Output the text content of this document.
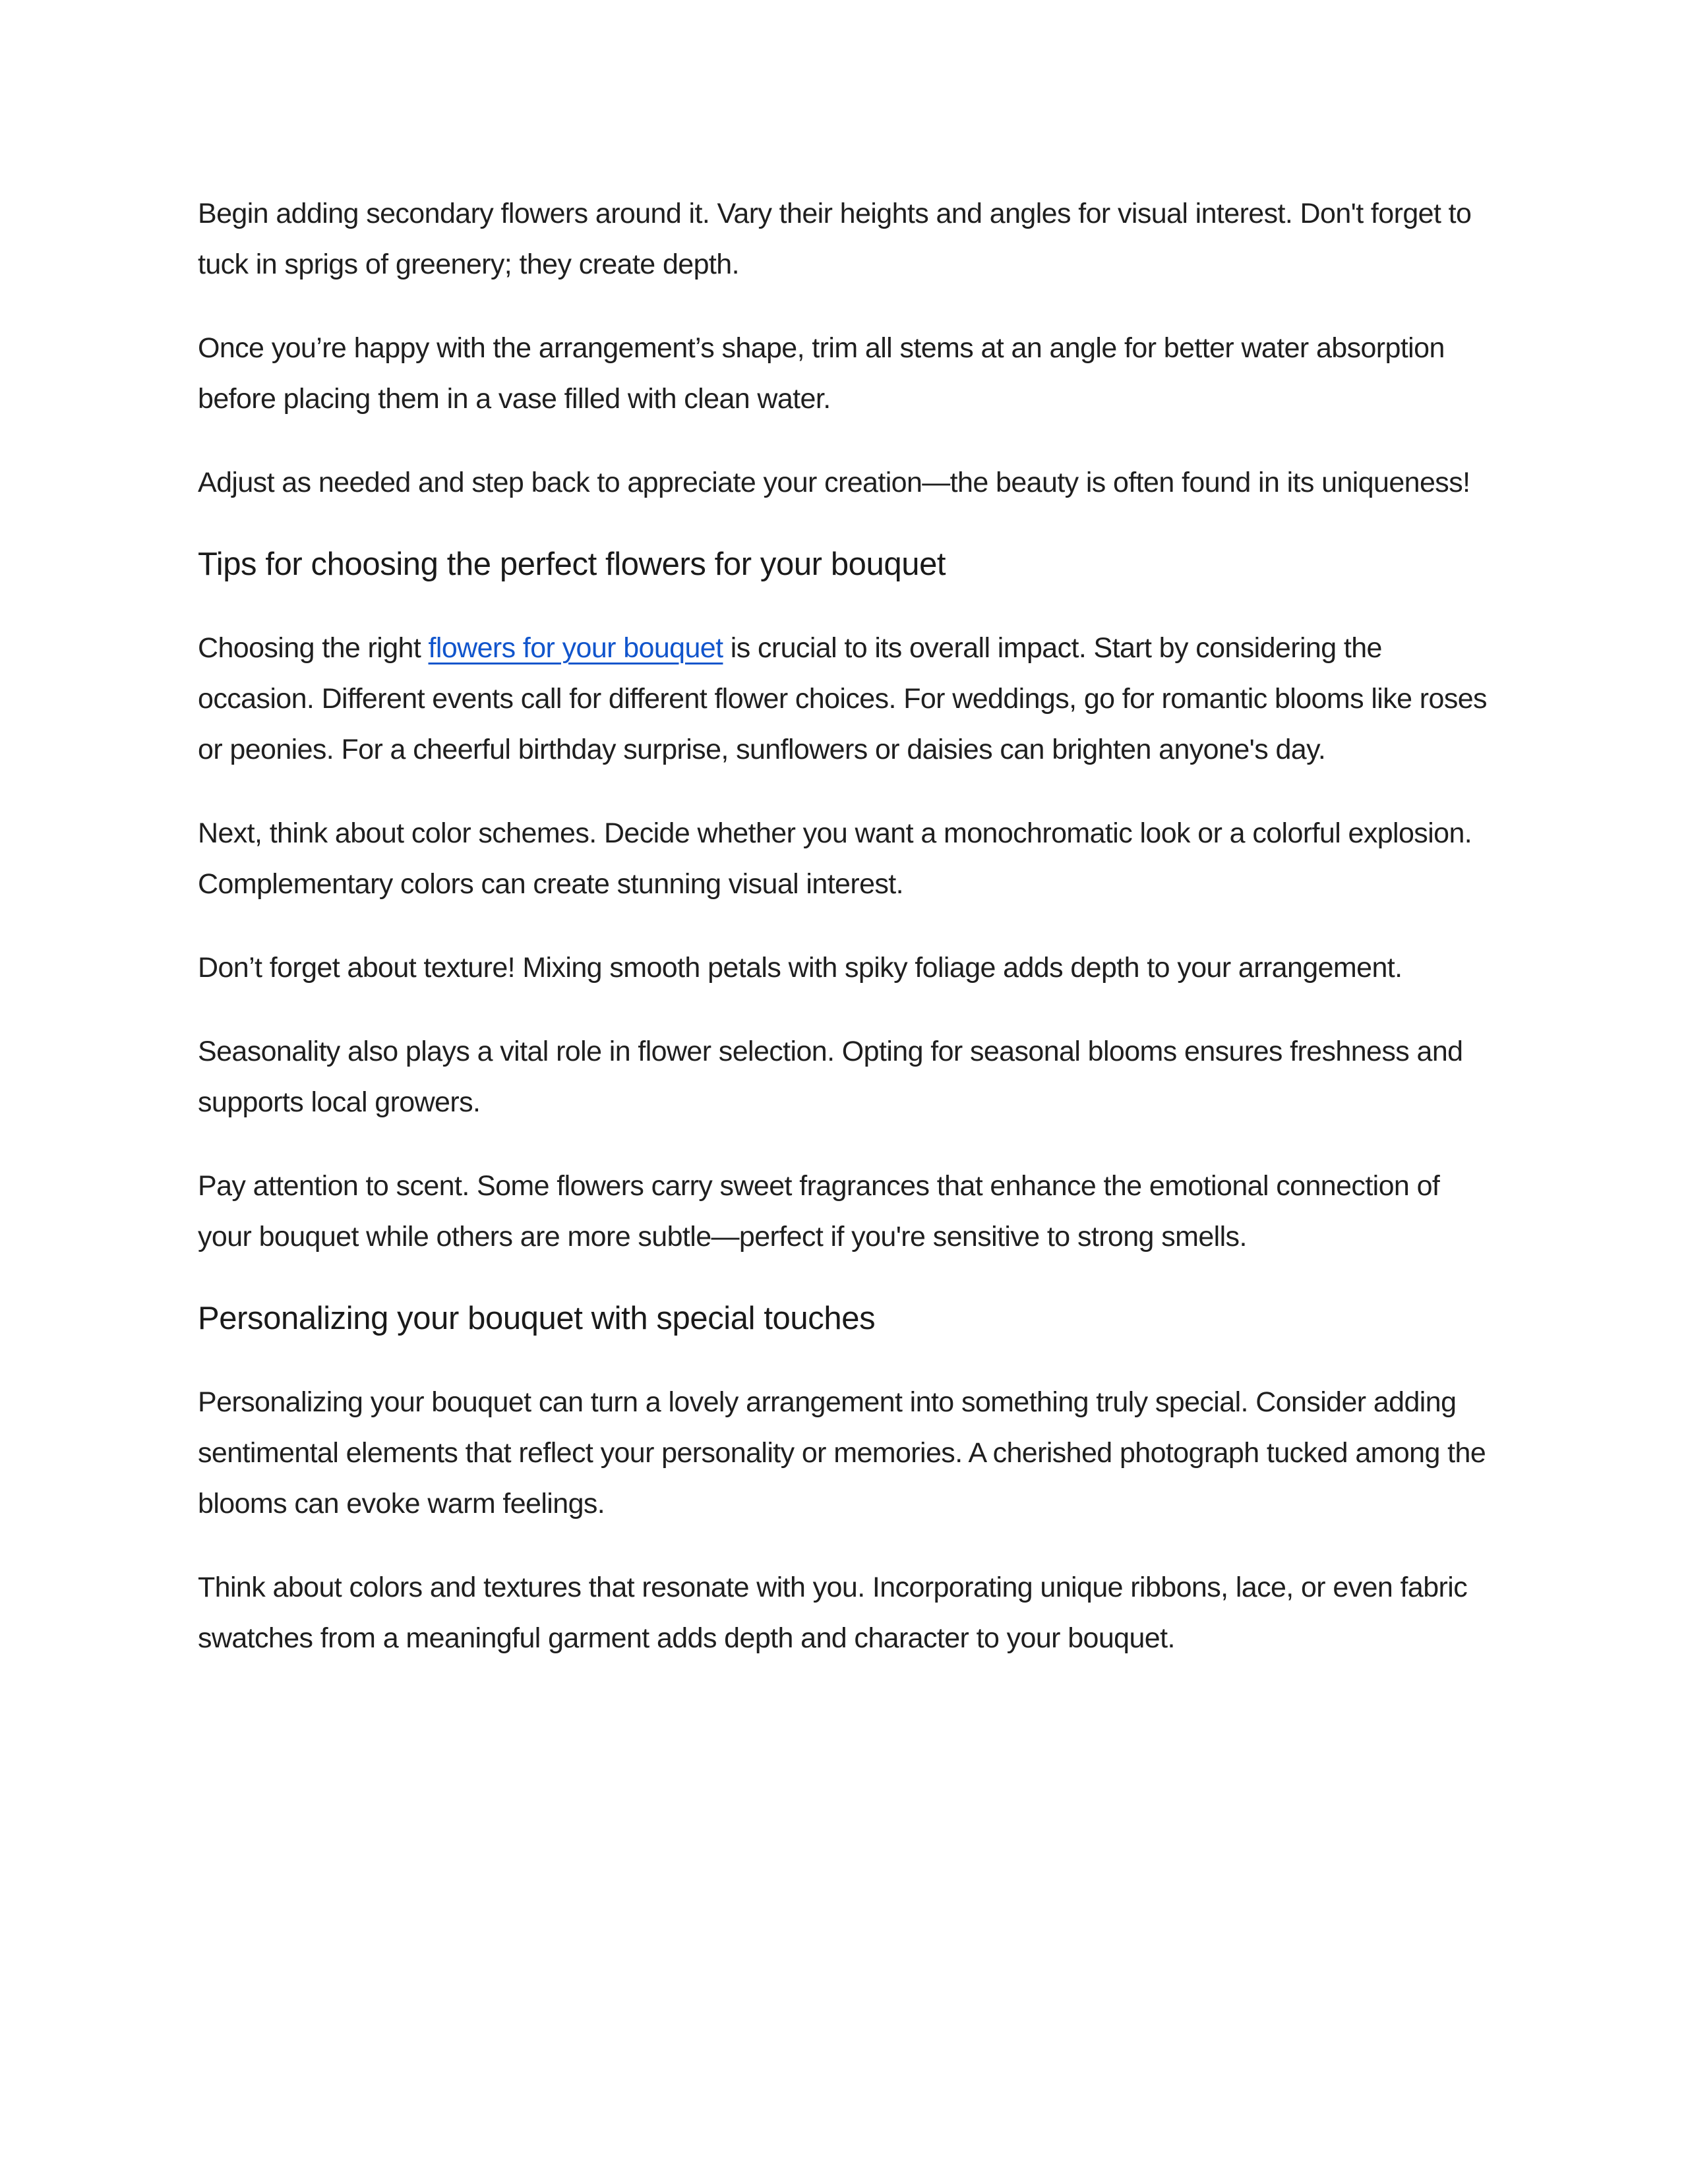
Begin adding secondary flowers around it. Vary their heights and angles for visual interest. Don't forget to tuck in sprigs of greenery; they create depth.

Once you’re happy with the arrangement’s shape, trim all stems at an angle for better water absorption before placing them in a vase filled with clean water.

Adjust as needed and step back to appreciate your creation—the beauty is often found in its uniqueness!

Tips for choosing the perfect flowers for your bouquet

Choosing the right flowers for your bouquet is crucial to its overall impact. Start by considering the occasion. Different events call for different flower choices. For weddings, go for romantic blooms like roses or peonies. For a cheerful birthday surprise, sunflowers or daisies can brighten anyone's day.

Next, think about color schemes. Decide whether you want a monochromatic look or a colorful explosion. Complementary colors can create stunning visual interest.

Don’t forget about texture! Mixing smooth petals with spiky foliage adds depth to your arrangement.

Seasonality also plays a vital role in flower selection. Opting for seasonal blooms ensures freshness and supports local growers.

Pay attention to scent. Some flowers carry sweet fragrances that enhance the emotional connection of your bouquet while others are more subtle—perfect if you're sensitive to strong smells.

Personalizing your bouquet with special touches

Personalizing your bouquet can turn a lovely arrangement into something truly special. Consider adding sentimental elements that reflect your personality or memories. A cherished photograph tucked among the blooms can evoke warm feelings.

Think about colors and textures that resonate with you. Incorporating unique ribbons, lace, or even fabric swatches from a meaningful garment adds depth and character to your bouquet.
